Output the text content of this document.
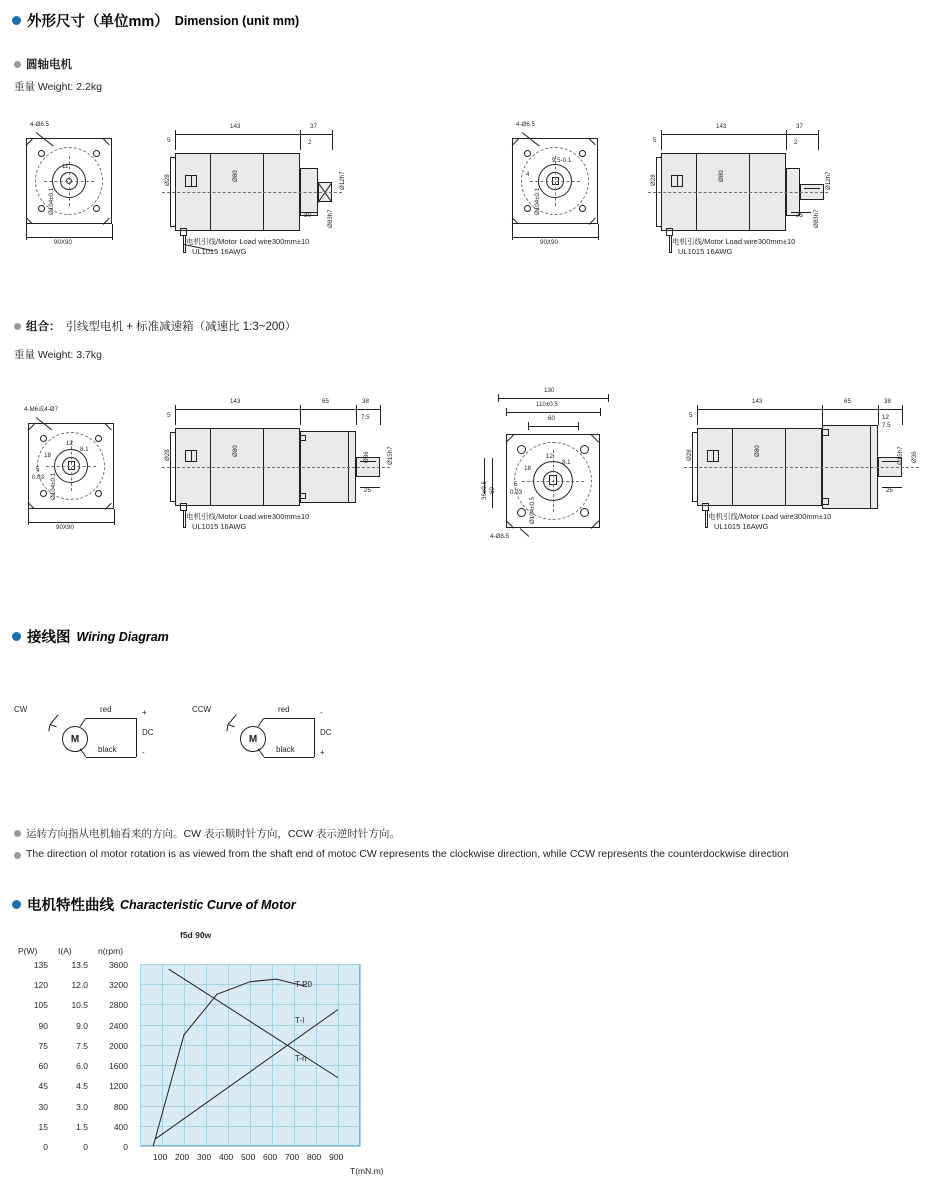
外形尺寸（单位mm） Dimension (unit mm)
圆轴电机
重量 Weight: 2.2kg
4-Ø6.5
11
90X90
Ø104±0.1
143	37
5	2
电机引线/Motor Load wire300mm±10
UL1015 16AWG
Ø28	Ø80	Ø12h7
Ø83h7
30
4-Ø6.5
9.5-0.1
4
90X90
Ø104±0.1
143	37
5	2
电机引线/Motor Load wire300mm±10
UL1015 16AWG
Ø28	Ø80	Ø12h7
Ø83h7
25
组合： 引线型电机 + 标准减速箱（减速比 1:3~200）
重量 Weight: 3.7kg
4-M6或4-Ø7
12
8.1
18
5
0.03
90X90
Ø104±0.1
143	65	38
7.5
5
电机引线/Motor Load wire300mm±10
UL1015 16AWG
Ø28	Ø80
Ø36	Ø15h7
25
130
110±0.5
60
12
8.1
18
5
0.03
60
36±0.5
4-Ø8.5
Ø104±0.5
143	65	38
12
7.5
5
电机引线/Motor Load wire300mm±10
UL1015 16AWG
Ø28	Ø80
Ø36
Ø15h7
25
接线图 Wiring Diagram
CW
M
red	+
black	-
DC
CCW
M
red	-
black	+
DC
运转方向指从电机轴看来的方向。CW 表示顺时针方向，CCW 表示逆时针方向。
The direction ol motor rotation is as viewed from the shaft end of motoc CW represents the clockwise direction, while CCW represents the counterdockwise direction
电机特性曲线 Characteristic Curve of Motor
P(W) I(A)	n(rpm)
f5d 90w
135	13.5	3600
120	12.0	3200
105	10.5	2800
90	9.0	2400
75	7.5	2000
60	6.0	1600
45	4.5	1200
30	3.0	800
15	1.5	400
0	0	0
T-P0
T-I
T-n
100 200 300 400 500 600 700 800 900
T(mN.m)
